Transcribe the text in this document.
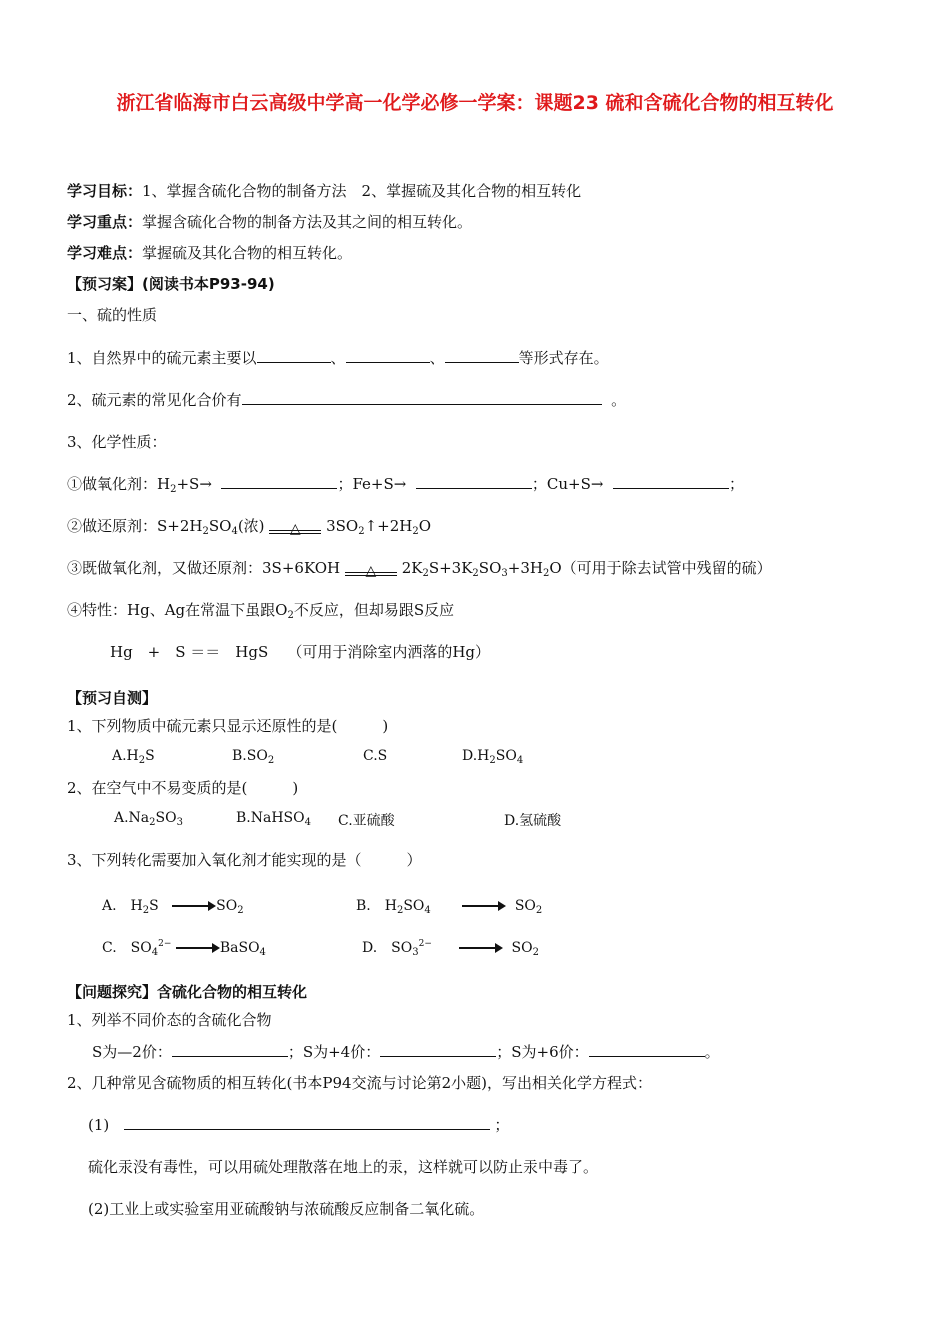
浙江省临海市白云高级中学高一化学必修一学案：课题23 硫和含硫化合物的相互转化
学习目标：1、掌握含硫化合物的制备方法　2、掌握硫及其化合物的相互转化
学习重点：掌握含硫化合物的制备方法及其之间的相互转化。
学习难点：掌握硫及其化合物的相互转化。
【预习案】(阅读书本P93-94)
一、硫的性质
1、自然界中的硫元素主要以	、	、	等形式存在。
2、硫元素的常见化合价有	。
3、化学性质：
①做氧化剂：$H_2+S\to$	；Fe+S→	；Cu+S→	；
②做还原剂：$S+2H_2SO_4$(浓) △ $3SO_2↑+2H_2O$
③既做氧化剂，又做还原剂：3S+6KOH △ $2K_2S+3K_2SO_3+3H_2O$（可用于除去试管中残留的硫）
④特性：Hg、Ag在常温下虽跟$O_2$不反应，但却易跟S反应
Hg　+　S ＝＝　HgS （可用于消除室内洒落的Hg）
【预习自测】
1、下列物质中硫元素只显示还原性的是(　　　)
$A.H_2S$	$B.SO_2$	C.S	$D.H_2SO_4$
2、在空气中不易变质的是(　　　)
$A.Na_2SO_3$	B.NaHSO$_4$ C.亚硫酸	D.氢硫酸
3、下列转化需要加入氧化剂才能实现的是（　　　）
A.　$H_2S$	$SO_2$	B.　$H_2SO_4$	$SO_2$
C.　$SO_4^{2-}$	BaSO$_4$	D.　$SO_3^{2-}$	$SO_2$
【问题探究】含硫化合物的相互转化
1、列举不同价态的含硫化合物
S为—2价：	；S为+4价：	；S为+6价：	。
2、几种常见含硫物质的相互转化(书本P94交流与讨论第2小题)，写出相关化学方程式：
(1)	；
硫化汞没有毒性，可以用硫处理散落在地上的汞，这样就可以防止汞中毒了。
(2)工业上或实验室用亚硫酸钠与浓硫酸反应制备二氧化硫。
